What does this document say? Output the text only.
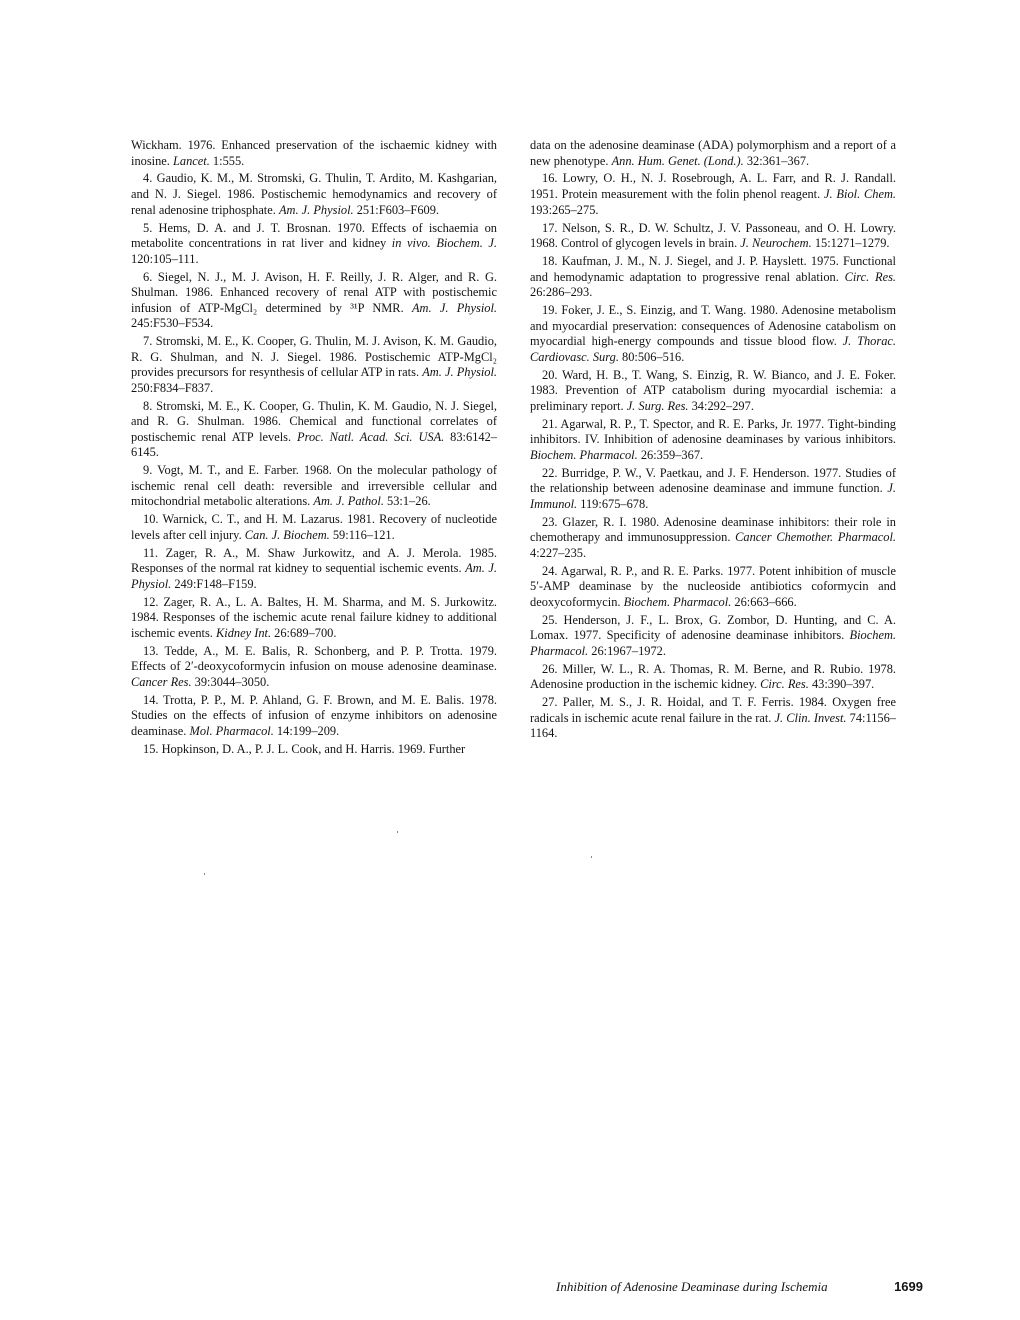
Wickham. 1976. Enhanced preservation of the ischaemic kidney with inosine. Lancet. 1:555.

4. Gaudio, K. M., M. Stromski, G. Thulin, T. Ardito, M. Kashgarian, and N. J. Siegel. 1986. Postischemic hemodynamics and recovery of renal adenosine triphosphate. Am. J. Physiol. 251:F603–F609.

5. Hems, D. A. and J. T. Brosnan. 1970. Effects of ischaemia on metabolite concentrations in rat liver and kidney in vivo. Biochem. J. 120:105–111.

6. Siegel, N. J., M. J. Avison, H. F. Reilly, J. R. Alger, and R. G. Shulman. 1986. Enhanced recovery of renal ATP with postischemic infusion of ATP-MgCl₂ determined by ³¹P NMR. Am. J. Physiol. 245:F530–F534.

7. Stromski, M. E., K. Cooper, G. Thulin, M. J. Avison, K. M. Gaudio, R. G. Shulman, and N. J. Siegel. 1986. Postischemic ATP-MgCl₂ provides precursors for resynthesis of cellular ATP in rats. Am. J. Physiol. 250:F834–F837.

8. Stromski, M. E., K. Cooper, G. Thulin, K. M. Gaudio, N. J. Siegel, and R. G. Shulman. 1986. Chemical and functional correlates of postischemic renal ATP levels. Proc. Natl. Acad. Sci. USA. 83:6142–6145.

9. Vogt, M. T., and E. Farber. 1968. On the molecular pathology of ischemic renal cell death: reversible and irreversible cellular and mitochondrial metabolic alterations. Am. J. Pathol. 53:1–26.

10. Warnick, C. T., and H. M. Lazarus. 1981. Recovery of nucleotide levels after cell injury. Can. J. Biochem. 59:116–121.

11. Zager, R. A., M. Shaw Jurkowitz, and A. J. Merola. 1985. Responses of the normal rat kidney to sequential ischemic events. Am. J. Physiol. 249:F148–F159.

12. Zager, R. A., L. A. Baltes, H. M. Sharma, and M. S. Jurkowitz. 1984. Responses of the ischemic acute renal failure kidney to additional ischemic events. Kidney Int. 26:689–700.

13. Tedde, A., M. E. Balis, R. Schonberg, and P. P. Trotta. 1979. Effects of 2′-deoxycoformycin infusion on mouse adenosine deaminase. Cancer Res. 39:3044–3050.

14. Trotta, P. P., M. P. Ahland, G. F. Brown, and M. E. Balis. 1978. Studies on the effects of infusion of enzyme inhibitors on adenosine deaminase. Mol. Pharmacol. 14:199–209.

15. Hopkinson, D. A., P. J. L. Cook, and H. Harris. 1969. Further

data on the adenosine deaminase (ADA) polymorphism and a report of a new phenotype. Ann. Hum. Genet. (Lond.). 32:361–367.

16. Lowry, O. H., N. J. Rosebrough, A. L. Farr, and R. J. Randall. 1951. Protein measurement with the folin phenol reagent. J. Biol. Chem. 193:265–275.

17. Nelson, S. R., D. W. Schultz, J. V. Passoneau, and O. H. Lowry. 1968. Control of glycogen levels in brain. J. Neurochem. 15:1271–1279.

18. Kaufman, J. M., N. J. Siegel, and J. P. Hayslett. 1975. Functional and hemodynamic adaptation to progressive renal ablation. Circ. Res. 26:286–293.

19. Foker, J. E., S. Einzig, and T. Wang. 1980. Adenosine metabolism and myocardial preservation: consequences of Adenosine catabolism on myocardial high-energy compounds and tissue blood flow. J. Thorac. Cardiovasc. Surg. 80:506–516.

20. Ward, H. B., T. Wang, S. Einzig, R. W. Bianco, and J. E. Foker. 1983. Prevention of ATP catabolism during myocardial ischemia: a preliminary report. J. Surg. Res. 34:292–297.

21. Agarwal, R. P., T. Spector, and R. E. Parks, Jr. 1977. Tight-binding inhibitors. IV. Inhibition of adenosine deaminases by various inhibitors. Biochem. Pharmacol. 26:359–367.

22. Burridge, P. W., V. Paetkau, and J. F. Henderson. 1977. Studies of the relationship between adenosine deaminase and immune function. J. Immunol. 119:675–678.

23. Glazer, R. I. 1980. Adenosine deaminase inhibitors: their role in chemotherapy and immunosuppression. Cancer Chemother. Pharmacol. 4:227–235.

24. Agarwal, R. P., and R. E. Parks. 1977. Potent inhibition of muscle 5′-AMP deaminase by the nucleoside antibiotics coformycin and deoxycoformycin. Biochem. Pharmacol. 26:663–666.

25. Henderson, J. F., L. Brox, G. Zombor, D. Hunting, and C. A. Lomax. 1977. Specificity of adenosine deaminase inhibitors. Biochem. Pharmacol. 26:1967–1972.

26. Miller, W. L., R. A. Thomas, R. M. Berne, and R. Rubio. 1978. Adenosine production in the ischemic kidney. Circ. Res. 43:390–397.

27. Paller, M. S., J. R. Hoidal, and T. F. Ferris. 1984. Oxygen free radicals in ischemic acute renal failure in the rat. J. Clin. Invest. 74:1156–1164.

Inhibition of Adenosine Deaminase during Ischemia	1699
